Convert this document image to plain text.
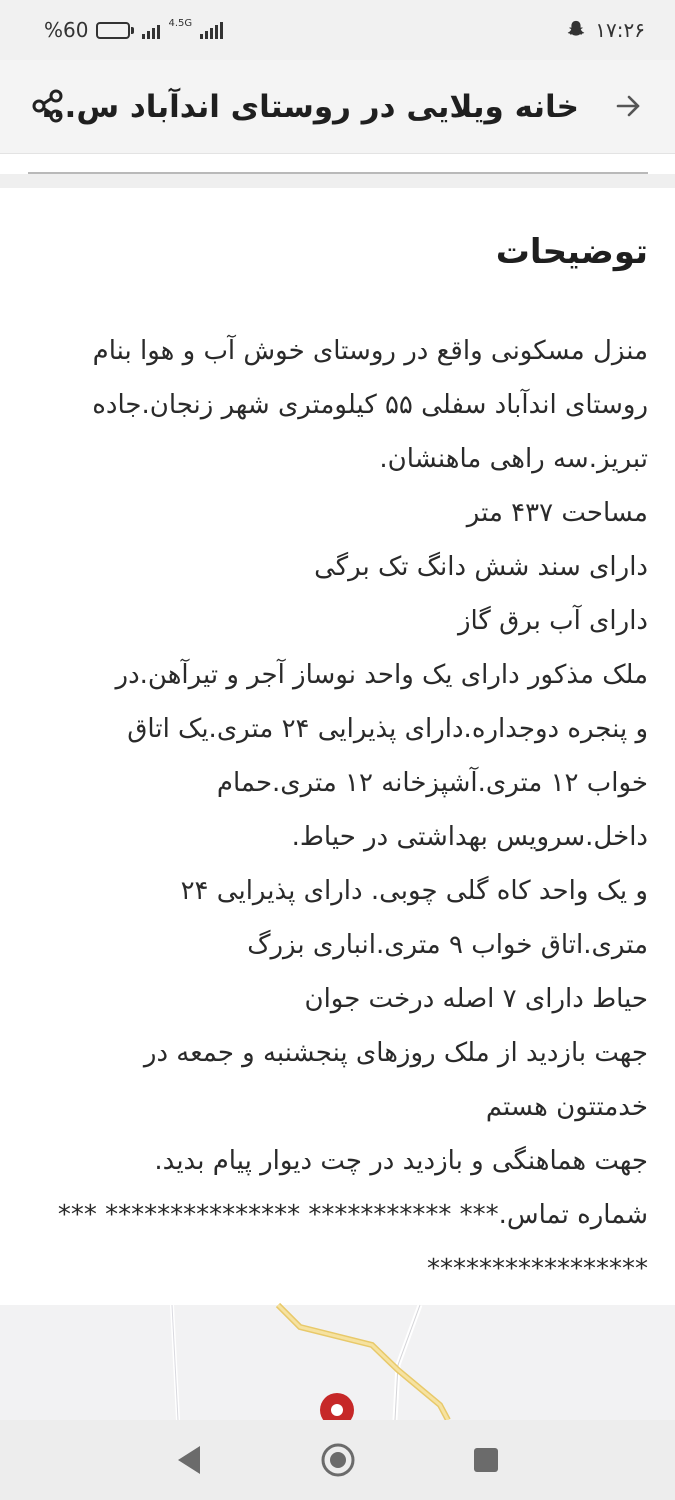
%60	4.5G	۱۷:۲۶
خانه ویلایی در روستای اندآباد س...
توضیحات
منزل مسکونی واقع در روستای خوش آب و هوا بنام
روستای اندآباد سفلی ۵۵ کیلومتری شهر زنجان.جاده
تبریز.سه راهی ماهنشان.
مساحت ۴۳۷ متر
دارای سند شش دانگ تک برگی
دارای آب برق گاز
ملک مذکور دارای یک واحد نوساز آجر و تیرآهن.در
و پنجره دوجداره.دارای پذیرایی ۲۴ متری.یک اتاق
خواب ۱۲ متری.آشپزخانه ۱۲ متری.حمام
داخل.سرویس بهداشتی در حیاط.
و یک واحد کاه گلی چوبی. دارای پذیرایی ۲۴
متری.اتاق خواب ۹ متری.انباری بزرگ
حیاط دارای ۷ اصله درخت جوان
جهت بازدید از ملک روزهای پنجشنبه و جمعه در
خدمتتون هستم
جهت هماهنگی و بازدید در چت دیوار پیام بدید.
شماره تماس.*** *********** *************** ***
*****************
